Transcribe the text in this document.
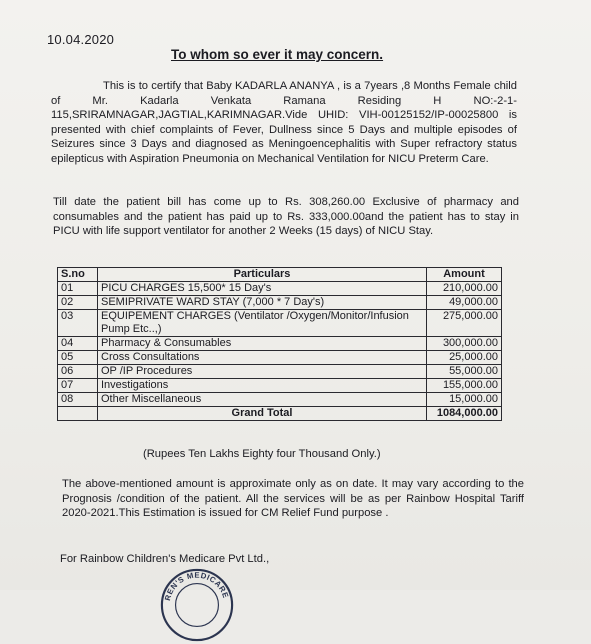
10.04.2020
To whom so ever it may concern.
This is to certify that Baby KADARLA ANANYA , is a 7years ,8 Months Female child of Mr. Kadarla Venkata Ramana Residing H NO:-2-1-115,SRIRAMNAGAR,JAGTIAL,KARIMNAGAR.Vide UHID: VIH-00125152/IP-00025800 is presented with chief complaints of Fever, Dullness since 5 Days and multiple episodes of Seizures since 3 Days and diagnosed as Meningoencephalitis with Super refractory status epilepticus with Aspiration Pneumonia on Mechanical Ventilation for NICU Preterm Care.
Till date the patient bill has come up to Rs. 308,260.00 Exclusive of pharmacy and consumables and the patient has paid up to Rs. 333,000.00and the patient has to stay in PICU with life support ventilator for another 2 Weeks (15 days) of NICU Stay.
S.no	Particulars	Amount
01	PICU CHARGES 15,500* 15 Day's	210,000.00
02	SEMIPRIVATE WARD STAY (7,000 * 7 Day's)	49,000.00
03	EQUIPEMENT CHARGES (Ventilator /Oxygen/Monitor/Infusion Pump Etc..,)	275,000.00
04	Pharmacy & Consumables	300,000.00
05	Cross Consultations	25,000.00
06	OP /IP Procedures	55,000.00
07	Investigations	155,000.00
08	Other Miscellaneous	15,000.00
	Grand Total	1084,000.00
(Rupees Ten Lakhs Eighty four Thousand Only.)
The above-mentioned amount is approximate only as on date. It may vary according to the Prognosis /condition of the patient. All the services will be as per Rainbow Hospital Tariff 2020-2021.This Estimation is issued for CM Relief Fund purpose .
For Rainbow Children's Medicare Pvt Ltd.,
REN'S MEDICARE
